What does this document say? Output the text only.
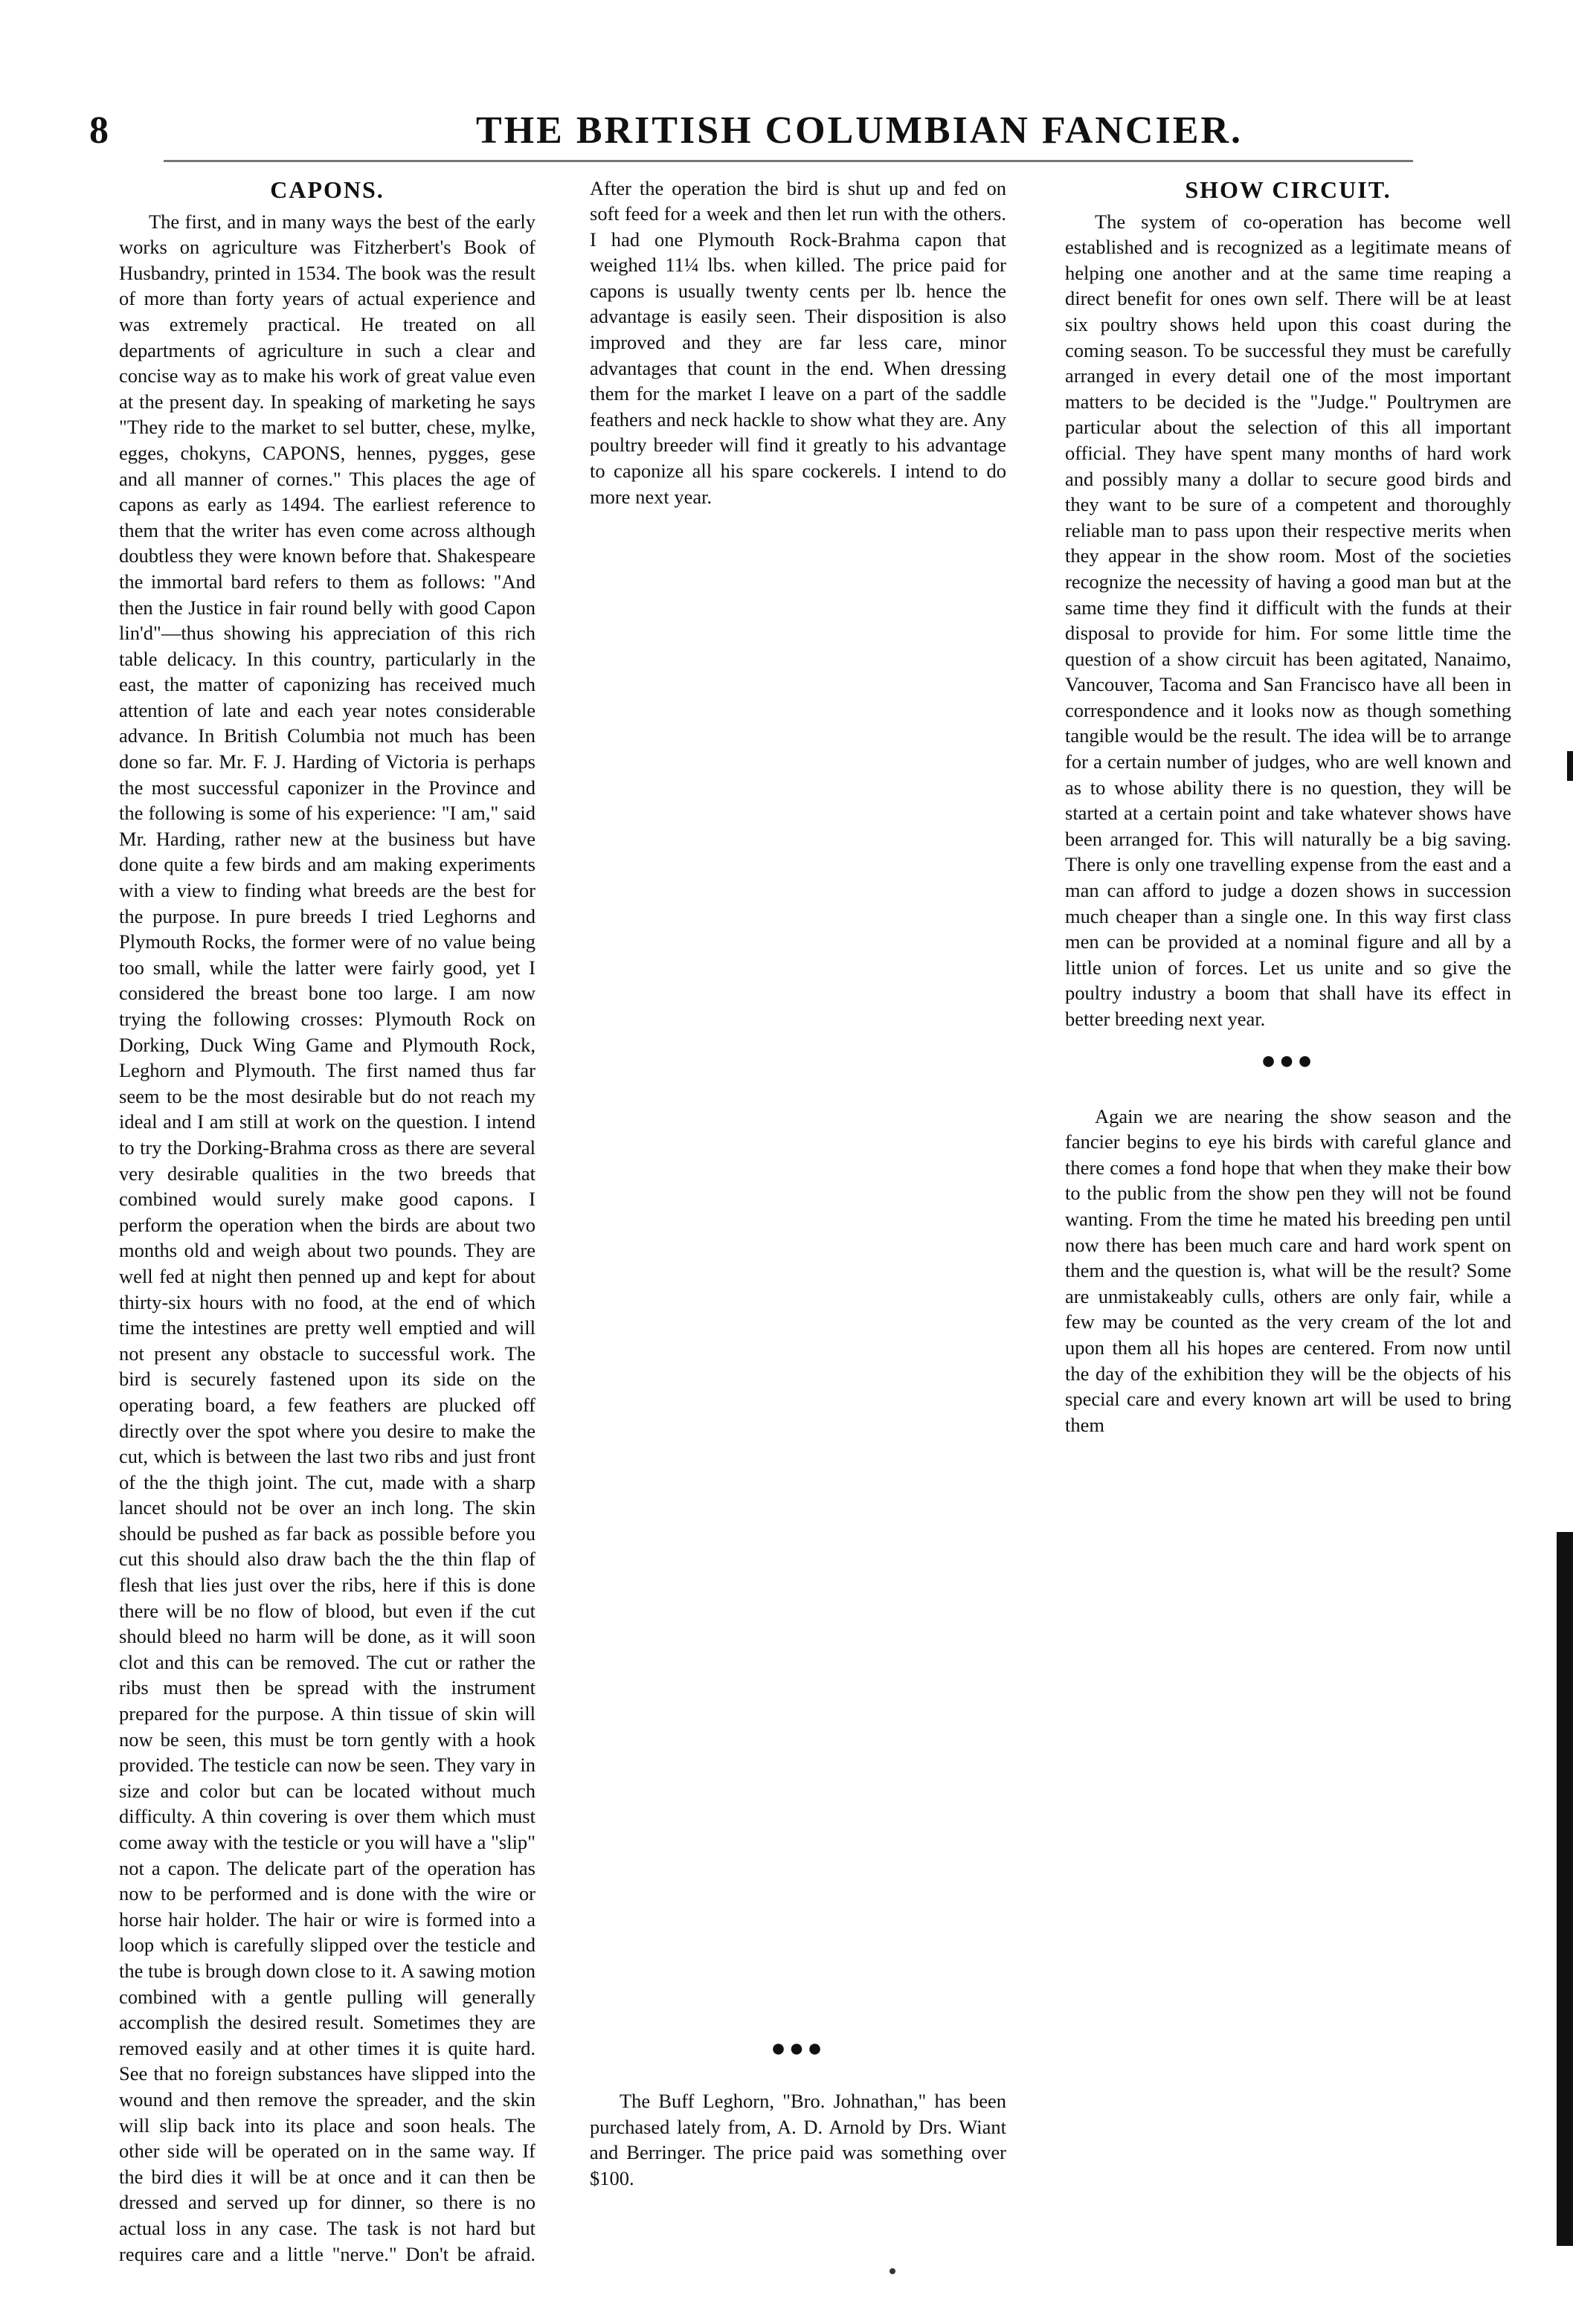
8	THE BRITISH COLUMBIAN FANCIER.
CAPONS.

The first, and in many ways the best of the early works on agriculture was Fitzherbert's Book of Husbandry, printed in 1534. The book was the result of more than forty years of actual experience and was extremely practical. He treated on all departments of agriculture in such a clear and concise way as to make his work of great value even at the present day. In speaking of marketing he says "They ride to the market to sel butter, chese, mylke, egges, chokyns, CAPONS, hennes, pygges, gese and all manner of cornes." This places the age of capons as early as 1494. The earliest reference to them that the writer has even come across although doubtless they were known before that. Shakespeare the immortal bard refers to them as follows: "And then the Justice in fair round belly with good Capon lin'd"—thus showing his appreciation of this rich table delicacy. In this country, particularly in the east, the matter of caponizing has received much attention of late and each year notes considerable advance. In British Columbia not much has been done so far. Mr. F. J. Harding of Victoria is perhaps the most successful caponizer in the Province and the following is some of his experience: "I am," said Mr. Harding, rather new at the business but have done quite a few birds and am making experiments with a view to finding what breeds are the best for the purpose. In pure breeds I tried Leghorns and Plymouth Rocks, the former were of no value being too small, while the latter were fairly good, yet I considered the breast bone too large. I am now trying the following crosses: Plymouth Rock on Dorking, Duck Wing Game and Plymouth Rock, Leghorn and Plymouth. The first named thus far seem to be the most desirable but do not reach my ideal and I am still at work on the question. I intend to try the Dorking-Brahma cross as there are several very desirable qualities in the two breeds that combined would surely make good capons. I perform the operation when the birds are about two months old and weigh about two pounds. They are well fed at night then penned up and kept for about thirty-six hours with no food, at the end of which time the intestines are pretty well emptied and will not present any obstacle to successful work. The bird is securely fastened upon its side on the operating board, a few feathers are plucked off directly over the spot where you desire to make the cut, which is between the last two ribs and just front of the the thigh joint. The cut, made with a sharp lancet should not be over an inch long. The skin should be pushed as far back as possible before you cut this should also draw bach the the thin flap of flesh that lies just over the ribs, here if this is done there will be no flow of blood, but even if the cut should bleed no harm will be done, as it will soon clot and this can be removed. The cut or rather the ribs must then be spread with the instrument prepared for the purpose. A thin tissue of skin will now be seen, this must be torn gently with a hook provided. The testicle can now be seen. They vary in size and color but can be located without much difficulty. A thin covering is over them which must come away with the testicle or you will have a "slip" not a capon. The delicate part of the operation has now to be performed and is done with the wire or horse hair holder. The hair or wire is formed into a loop which is carefully slipped over the testicle and the tube is brough down close to it. A sawing motion combined with a gentle pulling will generally accomplish the desired result. Sometimes they are removed easily and at other times it is quite hard. See that no foreign substances have slipped into the wound and then remove the spreader, and the skin will slip back into its place and soon heals. The other side will be operated on in the same way. If the bird dies it will be at once and it can then be dressed and served up for dinner, so there is no actual loss in any case. The task is not hard but requires care and a little "nerve." Don't be afraid.

After the operation the bird is shut up and fed on soft feed for a week and then let run with the others. I had one Plymouth Rock-Brahma capon that weighed 11¼ lbs. when killed. The price paid for capons is usually twenty cents per lb. hence the advantage is easily seen. Their disposition is also improved and they are far less care, minor advantages that count in the end. When dressing them for the market I leave on a part of the saddle feathers and neck hackle to show what they are. Any poultry breeder will find it greatly to his advantage to caponize all his spare cockerels. I intend to do more next year.

●●●

The Buff Leghorn, "Bro. Johnathan," has been purchased lately from, A. D. Arnold by Drs. Wiant and Berringer. The price paid was something over $100.

SHOW CIRCUIT.

The system of co-operation has become well established and is recognized as a legitimate means of helping one another and at the same time reaping a direct benefit for ones own self. There will be at least six poultry shows held upon this coast during the coming season. To be successful they must be carefully arranged in every detail one of the most important matters to be decided is the "Judge." Poultrymen are particular about the selection of this all important official. They have spent many months of hard work and possibly many a dollar to secure good birds and they want to be sure of a competent and thoroughly reliable man to pass upon their respective merits when they appear in the show room. Most of the societies recognize the necessity of having a good man but at the same time they find it difficult with the funds at their disposal to provide for him. For some little time the question of a show circuit has been agitated, Nanaimo, Vancouver, Tacoma and San Francisco have all been in correspondence and it looks now as though something tangible would be the result. The idea will be to arrange for a certain number of judges, who are well known and as to whose ability there is no question, they will be started at a certain point and take whatever shows have been arranged for. This will naturally be a big saving. There is only one travelling expense from the east and a man can afford to judge a dozen shows in succession much cheaper than a single one. In this way first class men can be provided at a nominal figure and all by a little union of forces. Let us unite and so give the poultry industry a boom that shall have its effect in better breeding next year.

●●●

Again we are nearing the show season and the fancier begins to eye his birds with careful glance and there comes a fond hope that when they make their bow to the public from the show pen they will not be found wanting. From the time he mated his breeding pen until now there has been much care and hard work spent on them and the question is, what will be the result? Some are unmistakeably culls, others are only fair, while a few may be counted as the very cream of the lot and upon them all his hopes are centered. From now until the day of the exhibition they will be the objects of his special care and every known art will be used to bring them
